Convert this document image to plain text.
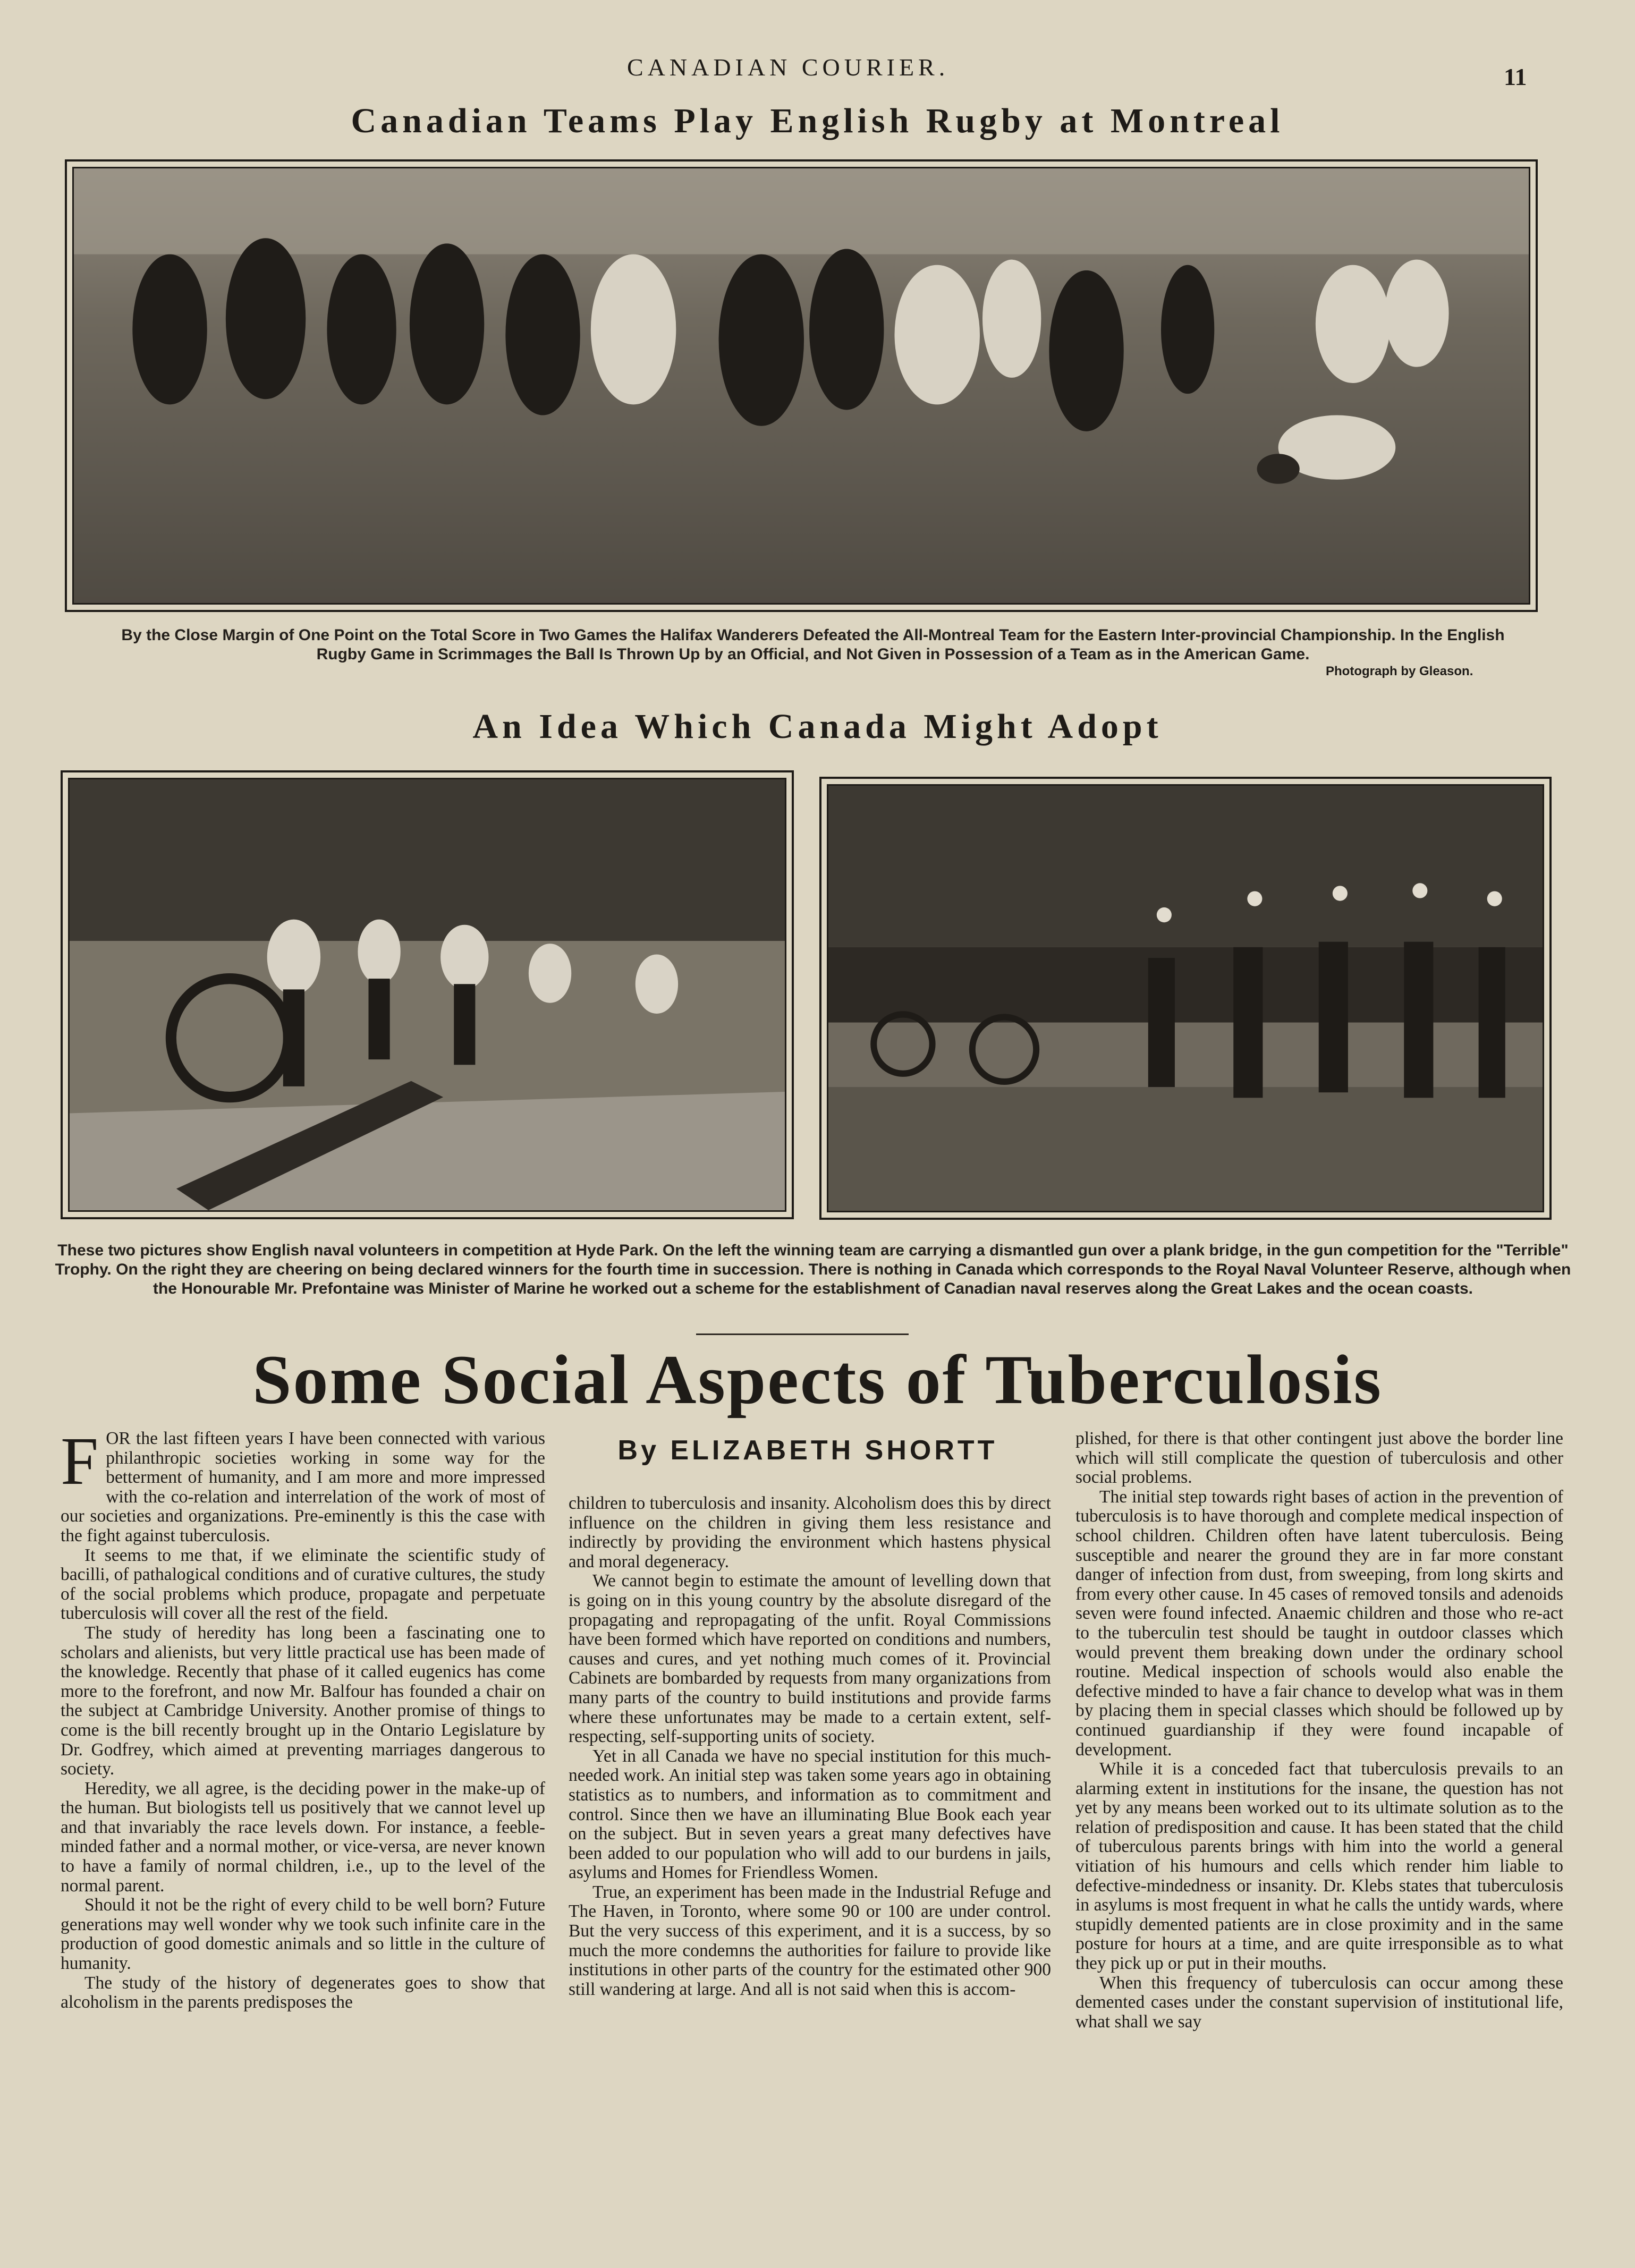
CANADIAN COURIER.	11
Canadian Teams Play English Rugby at Montreal
By the Close Margin of One Point on the Total Score in Two Games the Halifax Wanderers Defeated the All-Montreal Team for the Eastern Inter-provincial Championship. In the English Rugby Game in Scrimmages the Ball Is Thrown Up by an Official, and Not Given in Possession of a Team as in the American Game.
Photograph by Gleason.
An Idea Which Canada Might Adopt
These two pictures show English naval volunteers in competition at Hyde Park. On the left the winning team are carrying a dismantled gun over a plank bridge, in the gun competition for the "Terrible" Trophy. On the right they are cheering on being declared winners for the fourth time in succession. There is nothing in Canada which corresponds to the Royal Naval Volunteer Reserve, although when the Honourable Mr. Prefontaine was Minister of Marine he worked out a scheme for the establishment of Canadian naval reserves along the Great Lakes and the ocean coasts.
Some Social Aspects of Tuberculosis
By ELIZABETH SHORTT

FOR the last fifteen years I have been connected with various philanthropic societies working in some way for the betterment of humanity, and I am more and more impressed with the co-relation and interrelation of the work of most of our societies and organizations. Pre-eminently is this the case with the fight against tuberculosis.

It seems to me that, if we eliminate the scientific study of bacilli, of pathalogical conditions and of curative cultures, the study of the social problems which produce, propagate and perpetuate tuberculosis will cover all the rest of the field.

The study of heredity has long been a fascinating one to scholars and alienists, but very little practical use has been made of the knowledge. Recently that phase of it called eugenics has come more to the forefront, and now Mr. Balfour has founded a chair on the subject at Cambridge University. Another promise of things to come is the bill recently brought up in the Ontario Legislature by Dr. Godfrey, which aimed at preventing marriages dangerous to society.

Heredity, we all agree, is the deciding power in the make-up of the human. But biologists tell us positively that we cannot level up and that invariably the race levels down. For instance, a feeble-minded father and a normal mother, or vice-versa, are never known to have a family of normal children, i.e., up to the level of the normal parent.

Should it not be the right of every child to be well born? Future generations may well wonder why we took such infinite care in the production of good domestic animals and so little in the culture of humanity.

The study of the history of degenerates goes to show that alcoholism in the parents predisposes the

children to tuberculosis and insanity. Alcoholism does this by direct influence on the children in giving them less resistance and indirectly by providing the environment which hastens physical and moral degeneracy.

We cannot begin to estimate the amount of levelling down that is going on in this young country by the absolute disregard of the propagating and repropagating of the unfit. Royal Commissions have been formed which have reported on conditions and numbers, causes and cures, and yet nothing much comes of it. Provincial Cabinets are bombarded by requests from many organizations from many parts of the country to build institutions and provide farms where these unfortunates may be made to a certain extent, self-respecting, self-supporting units of society.

Yet in all Canada we have no special institution for this much-needed work. An initial step was taken some years ago in obtaining statistics as to numbers, and information as to commitment and control. Since then we have an illuminating Blue Book each year on the subject. But in seven years a great many defectives have been added to our population who will add to our burdens in jails, asylums and Homes for Friendless Women.

True, an experiment has been made in the Industrial Refuge and The Haven, in Toronto, where some 90 or 100 are under control. But the very success of this experiment, and it is a success, by so much the more condemns the authorities for failure to provide like institutions in other parts of the country for the estimated other 900 still wandering at large. And all is not said when this is accom-

plished, for there is that other contingent just above the border line which will still complicate the question of tuberculosis and other social problems.

The initial step towards right bases of action in the prevention of tuberculosis is to have thorough and complete medical inspection of school children. Children often have latent tuberculosis. Being susceptible and nearer the ground they are in far more constant danger of infection from dust, from sweeping, from long skirts and from every other cause. In 45 cases of removed tonsils and adenoids seven were found infected. Anaemic children and those who re-act to the tuberculin test should be taught in outdoor classes which would prevent them breaking down under the ordinary school routine. Medical inspection of schools would also enable the defective minded to have a fair chance to develop what was in them by placing them in special classes which should be followed up by continued guardianship if they were found incapable of development.

While it is a conceded fact that tuberculosis prevails to an alarming extent in institutions for the insane, the question has not yet by any means been worked out to its ultimate solution as to the relation of predisposition and cause. It has been stated that the child of tuberculous parents brings with him into the world a general vitiation of his humours and cells which render him liable to defective-mindedness or insanity. Dr. Klebs states that tuberculosis in asylums is most frequent in what he calls the untidy wards, where stupidly demented patients are in close proximity and in the same posture for hours at a time, and are quite irresponsible as to what they pick up or put in their mouths.

When this frequency of tuberculosis can occur among these demented cases under the constant supervision of institutional life, what shall we say
